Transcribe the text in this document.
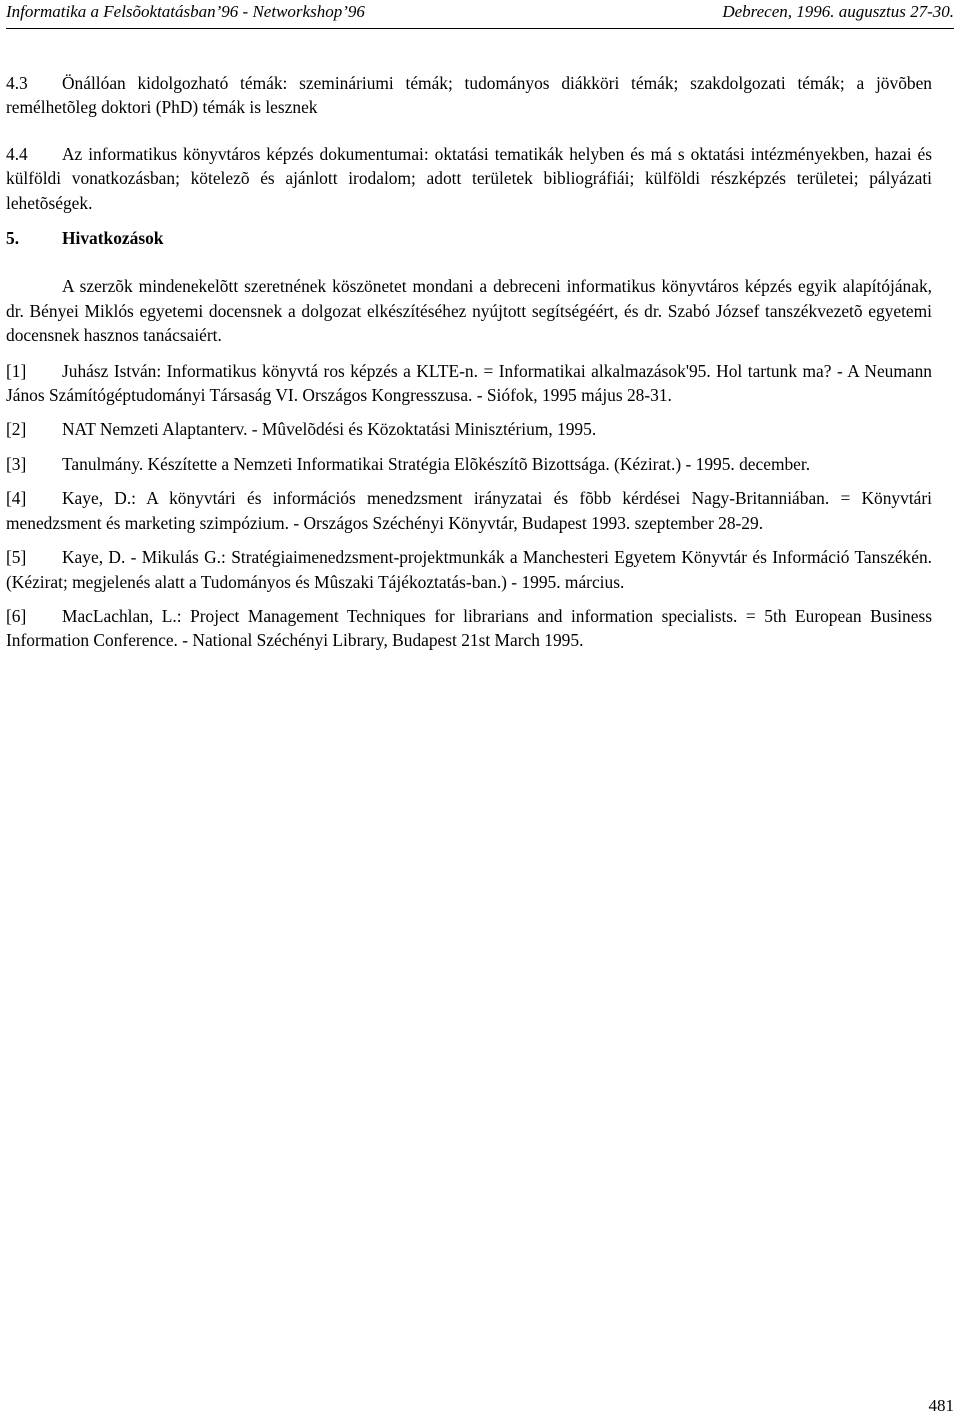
Informatika a Felsõoktatásban’96 - Networkshop’96	Debrecen, 1996. augusztus 27-30.

4.3 Önállóan kidolgozható témák: szemináriumi témák; tudományos diákköri témák; szakdolgozati témák; a jövõben remélhetõleg doktori (PhD) témák is lesznek

4.4 Az informatikus könyvtáros képzés dokumentumai: oktatási tematikák helyben és má s oktatási intézményekben, hazai és külföldi vonatkozásban; kötelezõ és ajánlott irodalom; adott területek bibliográfiái; külföldi részképzés területei; pályázati lehetõségek.

5. Hivatkozások

A szerzõk mindenekelõtt szeretnének köszönetet mondani a debreceni informatikus könyvtáros képzés egyik alapítójának, dr. Bényei Miklós egyetemi docensnek a dolgozat elkészítéséhez nyújtott segítségéért, és dr. Szabó József tanszékvezetõ egyetemi docensnek hasznos tanácsaiért.

[1] Juhász István: Informatikus könyvtá ros képzés a KLTE-n. = Informatikai alkalmazások'95. Hol tartunk ma? - A Neumann János Számítógéptudományi Társaság VI. Országos Kongresszusa. - Siófok, 1995 május 28-31.

[2] NAT Nemzeti Alaptanterv. - Mûvelõdési és Közoktatási Minisztérium, 1995.

[3] Tanulmány. Készítette a Nemzeti Informatikai Stratégia Elõkészítõ Bizottsága. (Kézirat.) - 1995. december.

[4] Kaye, D.: A könyvtári és információs menedzsment irányzatai és fõbb kérdései Nagy-Britanniában. = Könyvtári menedzsment és marketing szimpózium. - Országos Széchényi Könyvtár, Budapest 1993. szeptember 28-29.

[5] Kaye, D. - Mikulás G.: Stratégiaimenedzsment-projektmunkák a Manchesteri Egyetem Könyvtár és Információ Tanszékén. (Kézirat; megjelenés alatt a Tudományos és Mûszaki Tájékoztatás-ban.) - 1995. március.

[6] MacLachlan, L.: Project Management Techniques for librarians and information specialists. = 5th European Business Information Conference. - National Széchényi Library, Budapest 21st March 1995.

481
